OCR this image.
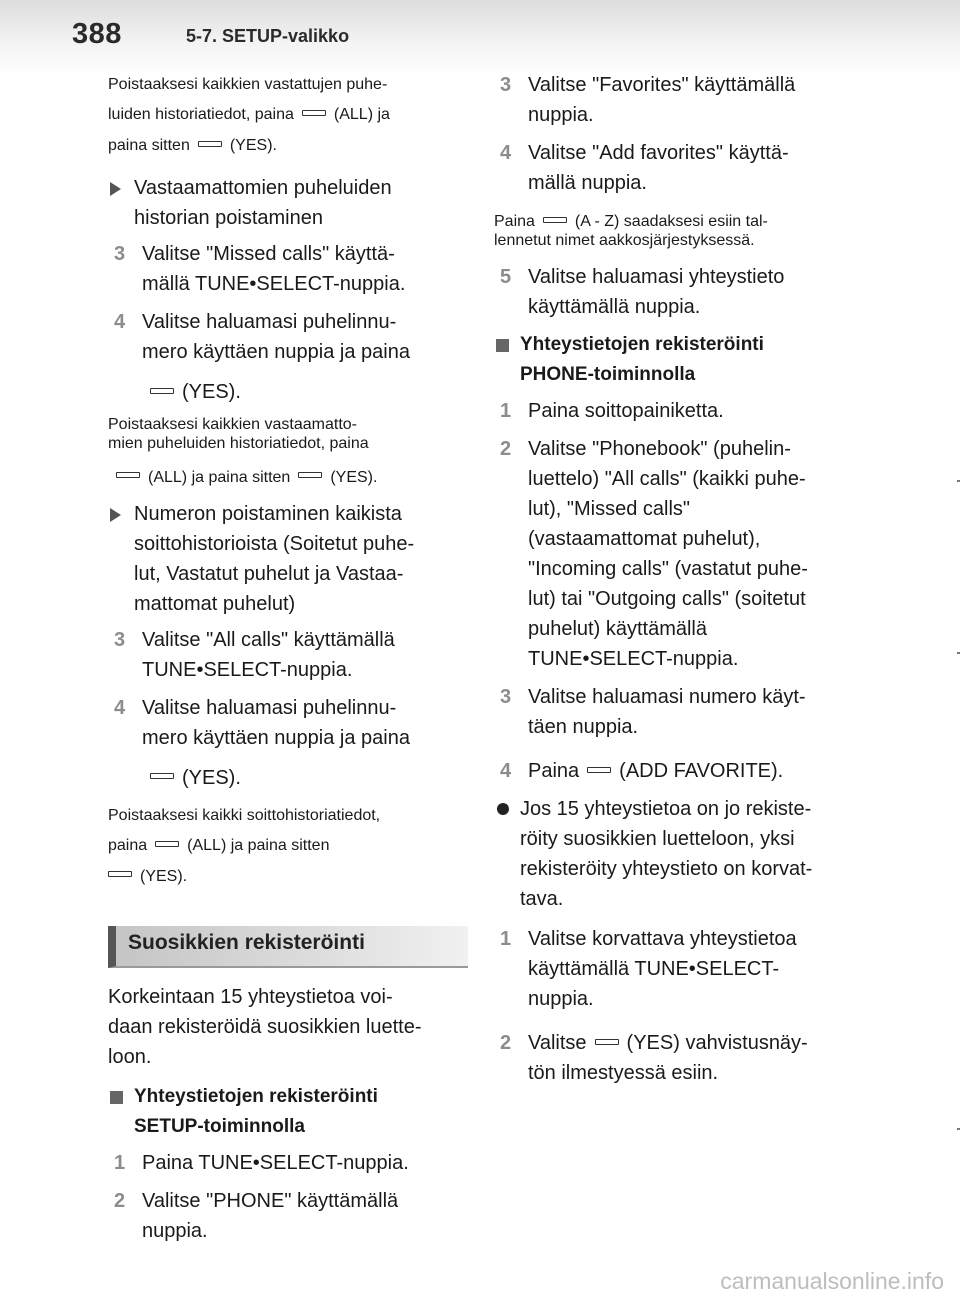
388	5-7. SETUP-valikko
Poistaaksesi kaikkien vastattujen puhe-
luiden historiatiedot, paina	(ALL) ja
paina sitten	(YES).
Vastaamattomien puheluiden
historian poistaminen
3 Valitse "Missed calls" käyttä-
mällä TUNE•SELECT-nuppia.
4 Valitse haluamasi puhelinnu-
mero käyttäen nuppia ja paina
(YES).
Poistaaksesi kaikkien vastaamatto-
mien puheluiden historiatiedot, paina
(ALL) ja paina sitten	(YES).
Numeron poistaminen kaikista
soittohistorioista (Soitetut puhe-
lut, Vastatut puhelut ja Vastaa-
mattomat puhelut)
3 Valitse "All calls" käyttämällä
TUNE•SELECT-nuppia.
4 Valitse haluamasi puhelinnu-
mero käyttäen nuppia ja paina
(YES).
Poistaaksesi kaikki soittohistoriatiedot,
paina	(ALL) ja paina sitten
(YES).
Suosikkien rekisteröinti
Korkeintaan 15 yhteystietoa voi-
daan rekisteröidä suosikkien luette-
loon.
Yhteystietojen rekisteröinti
SETUP-toiminnolla
1 Paina TUNE•SELECT-nuppia.
2 Valitse "PHONE" käyttämällä
nuppia.
3 Valitse "Favorites" käyttämällä
nuppia.
4 Valitse "Add favorites" käyttä-
mällä nuppia.
Paina	(A - Z) saadaksesi esiin tal-
lennetut nimet aakkosjärjestyksessä.
5 Valitse haluamasi yhteystieto
käyttämällä nuppia.
Yhteystietojen rekisteröinti
PHONE-toiminnolla
1 Paina soittopainiketta.
2 Valitse "Phonebook" (puhelin-
luettelo) "All calls" (kaikki puhe-
lut), "Missed calls"
(vastaamattomat puhelut),
"Incoming calls" (vastatut puhe-
lut) tai "Outgoing calls" (soitetut
puhelut) käyttämällä
TUNE•SELECT-nuppia.
3 Valitse haluamasi numero käyt-
täen nuppia.
4 Paina (ADD FAVORITE).
Jos 15 yhteystietoa on jo rekiste-
röity suosikkien luetteloon, yksi
rekisteröity yhteystieto on korvat-
tava.
1 Valitse korvattava yhteystietoa
käyttämällä TUNE•SELECT-
nuppia.
2 Valitse (YES) vahvistusnäy-
tön ilmestyessä esiin.
carmanualsonline.info
